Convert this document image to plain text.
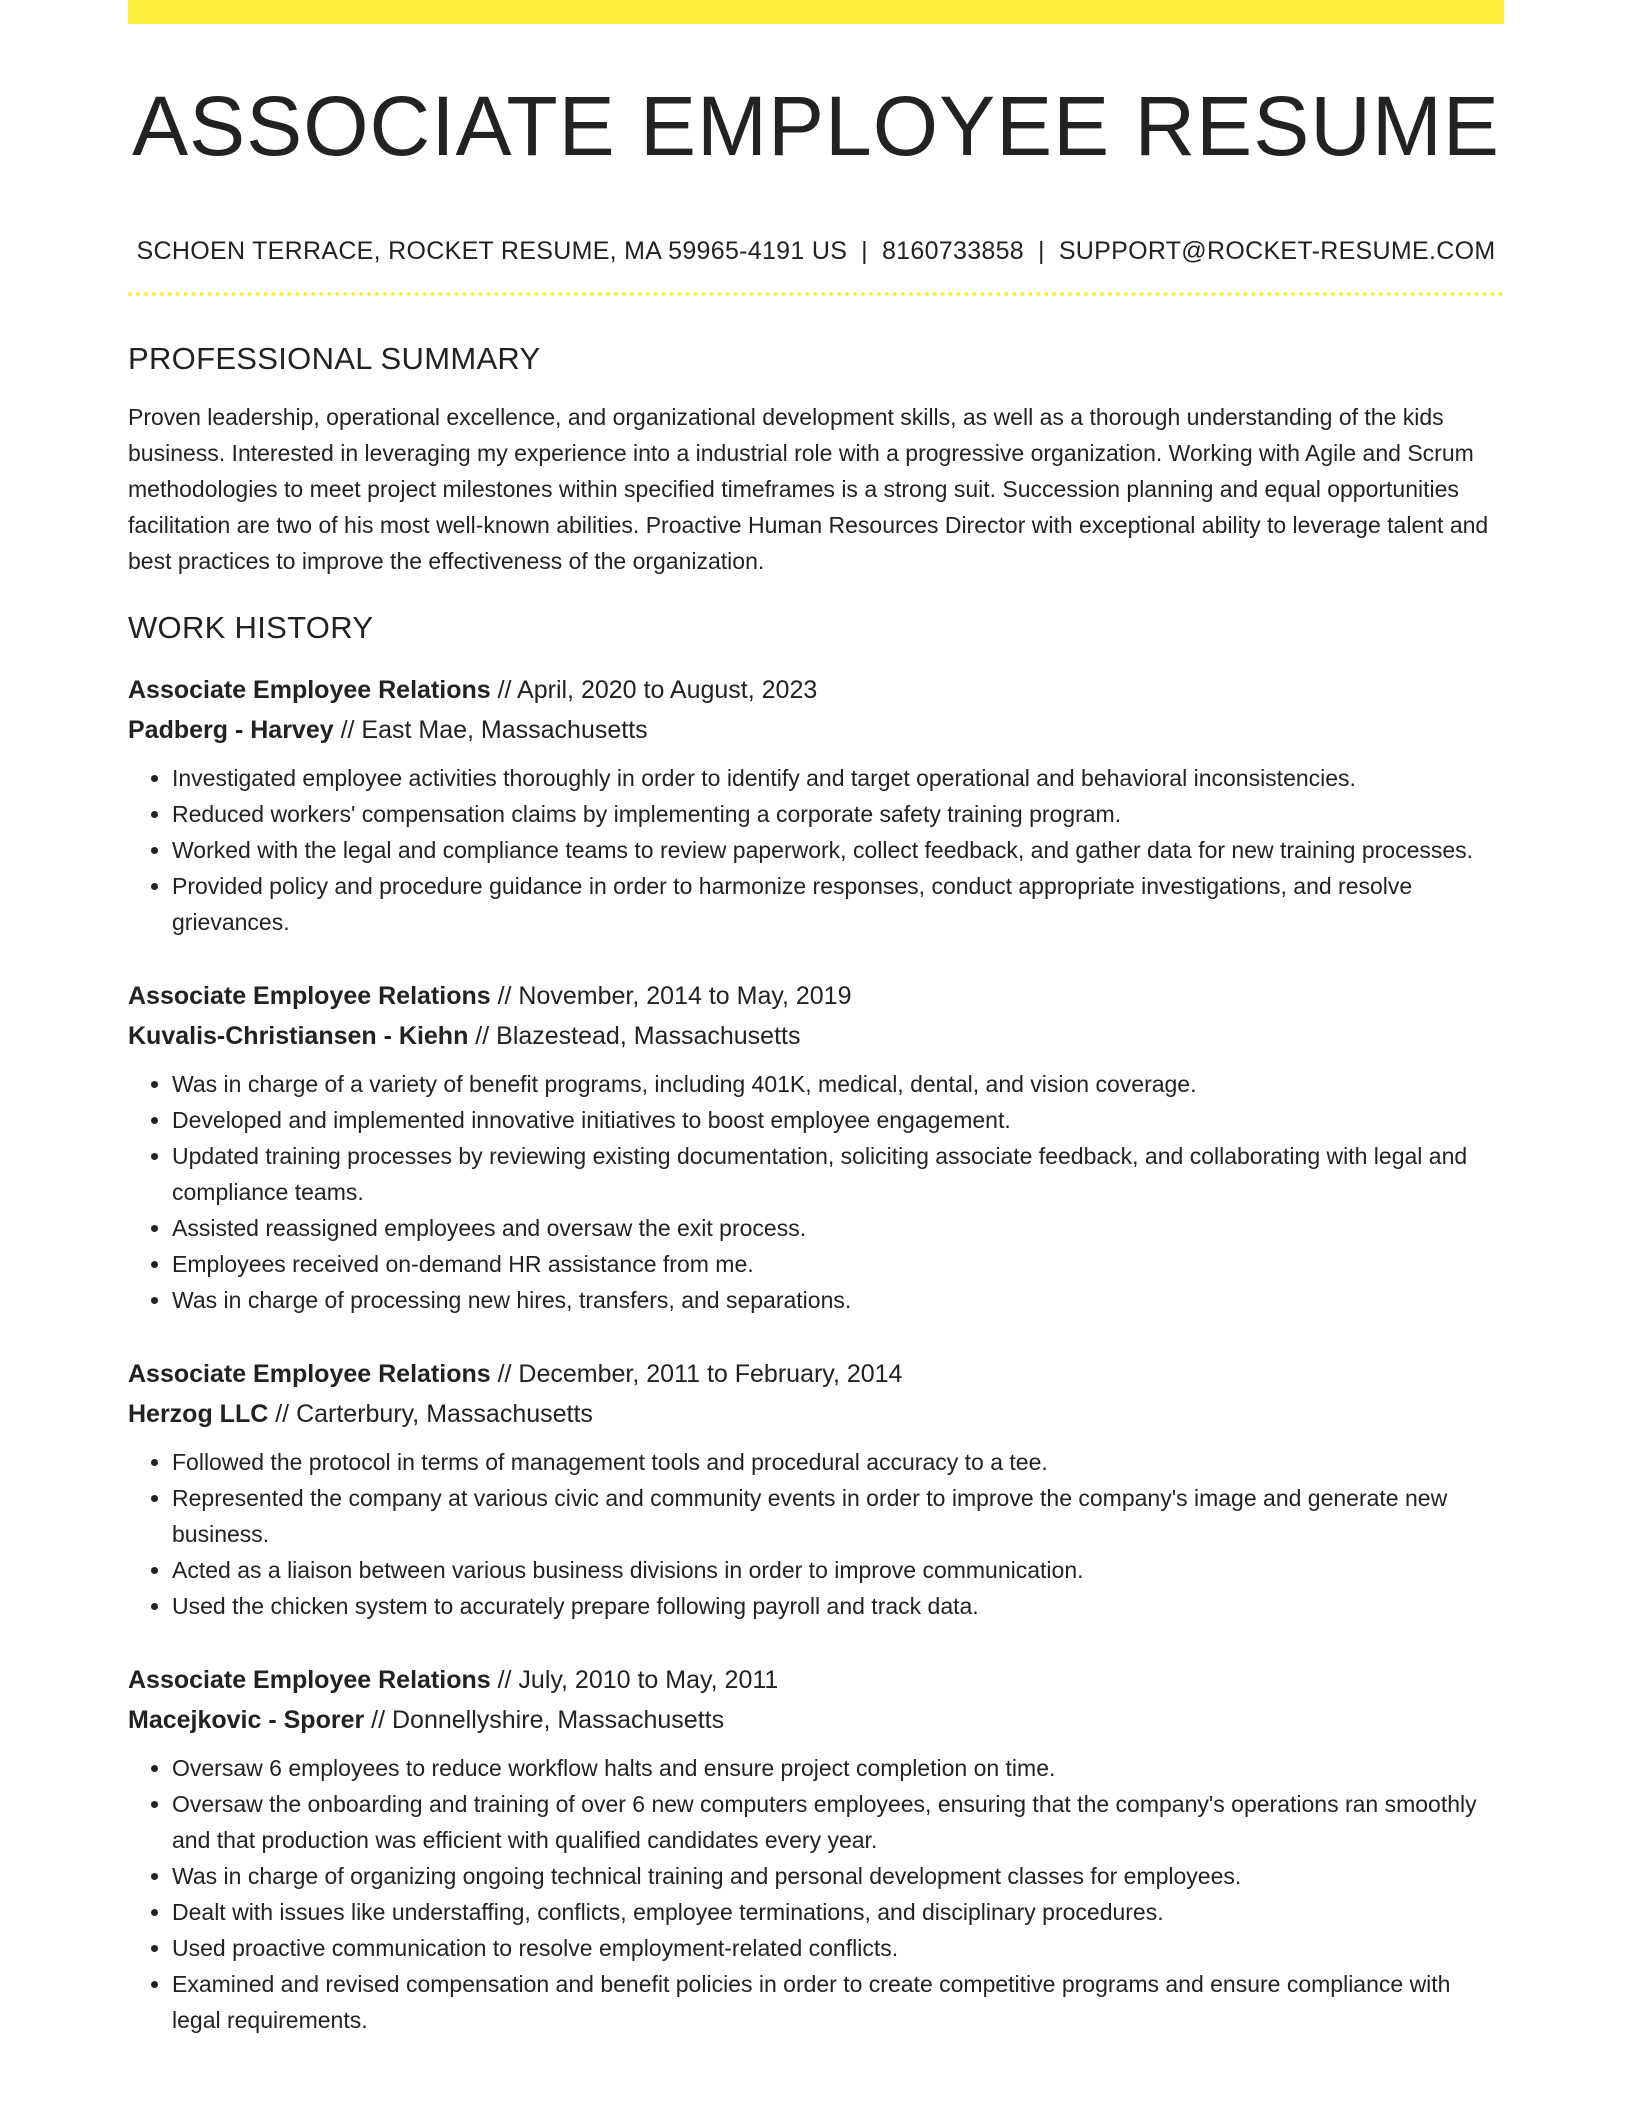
ASSOCIATE EMPLOYEE RESUME
SCHOEN TERRACE, ROCKET RESUME, MA 59965-4191 US | 8160733858 | SUPPORT@ROCKET-RESUME.COM
PROFESSIONAL SUMMARY

Proven leadership, operational excellence, and organizational development skills, as well as a thorough understanding of the kids business. Interested in leveraging my experience into a industrial role with a progressive organization. Working with Agile and Scrum methodologies to meet project milestones within specified timeframes is a strong suit. Succession planning and equal opportunities facilitation are two of his most well-known abilities. Proactive Human Resources Director with exceptional ability to leverage talent and best practices to improve the effectiveness of the organization.

WORK HISTORY
Associate Employee Relations // April, 2020 to August, 2023
Padberg - Harvey // East Mae, Massachusetts
• Investigated employee activities thoroughly in order to identify and target operational and behavioral inconsistencies.
• Reduced workers' compensation claims by implementing a corporate safety training program.
• Worked with the legal and compliance teams to review paperwork, collect feedback, and gather data for new training processes.
• Provided policy and procedure guidance in order to harmonize responses, conduct appropriate investigations, and resolve grievances.
Associate Employee Relations // November, 2014 to May, 2019
Kuvalis-Christiansen - Kiehn // Blazestead, Massachusetts
• Was in charge of a variety of benefit programs, including 401K, medical, dental, and vision coverage.
• Developed and implemented innovative initiatives to boost employee engagement.
• Updated training processes by reviewing existing documentation, soliciting associate feedback, and collaborating with legal and compliance teams.
• Assisted reassigned employees and oversaw the exit process.
• Employees received on-demand HR assistance from me.
• Was in charge of processing new hires, transfers, and separations.
Associate Employee Relations // December, 2011 to February, 2014
Herzog LLC // Carterbury, Massachusetts
• Followed the protocol in terms of management tools and procedural accuracy to a tee.
• Represented the company at various civic and community events in order to improve the company's image and generate new business.
• Acted as a liaison between various business divisions in order to improve communication.
• Used the chicken system to accurately prepare following payroll and track data.
Associate Employee Relations // July, 2010 to May, 2011
Macejkovic - Sporer // Donnellyshire, Massachusetts
• Oversaw 6 employees to reduce workflow halts and ensure project completion on time.
• Oversaw the onboarding and training of over 6 new computers employees, ensuring that the company's operations ran smoothly and that production was efficient with qualified candidates every year.
• Was in charge of organizing ongoing technical training and personal development classes for employees.
• Dealt with issues like understaffing, conflicts, employee terminations, and disciplinary procedures.
• Used proactive communication to resolve employment-related conflicts.
• Examined and revised compensation and benefit policies in order to create competitive programs and ensure compliance with legal requirements.
